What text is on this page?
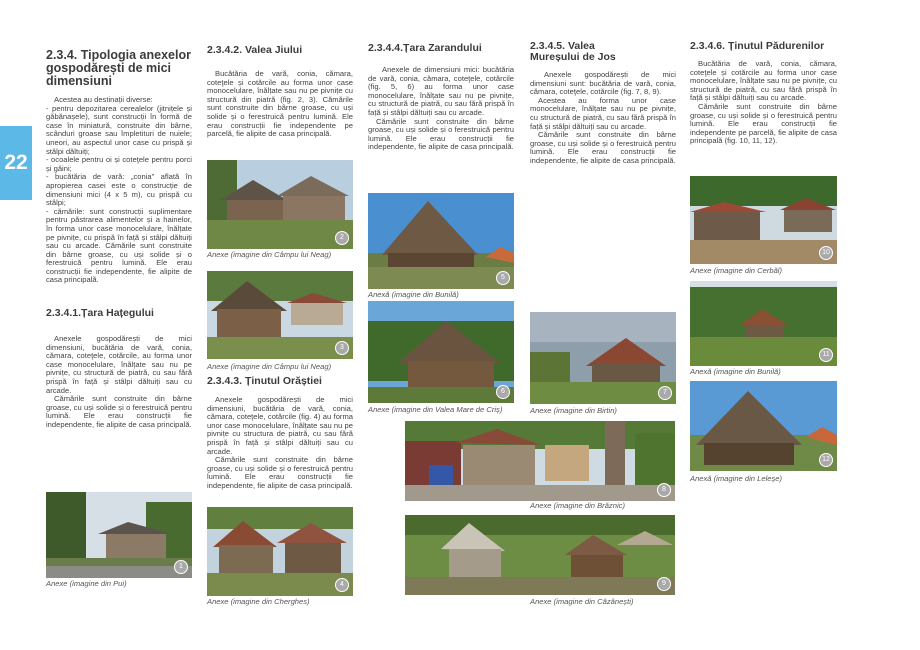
22
2.3.4. Tipologia anexelor gospodărești de mici dimensiuni

Acestea au destinații diverse:

- pentru depozitarea cerealelor (jitnițele și găbănașele), sunt construcții în formă de case în miniatură, construite din bârne, scânduri groase sau împletituri de nuiele; uneori, au aspectul unor case cu prispă și stâlpi dăltuiți;

- ocoalele pentru oi și coteţele pentru porci și găini;

- bucătăria de vară: „conia” aflată în apropierea casei este o construcție de dimensiuni mici (4 x 5 m), cu prispă cu stâlpi;

- cămările: sunt construcții suplimentare pentru păstrarea alimentelor și a hainelor, în forma unor case monocelulare, înălțate pe pivnițe, cu prispă în față și stâlpi dăltuiți sau cu arcade. Cămările sunt construite din bârne groase, cu uși solide și o ferestruică pentru lumină. Ele erau construcții fie independente, fie alipite de casa principală.

2.3.4.1.Țara Hațegului

Anexele gospodărești de mici dimensiuni, bucătăria de vară, conia, cămara, coteţele, cotărcile, au forma unor case monocelulare, înălțate sau nu pe pivnițe, cu structură de piatră, cu sau fără prispă în față și stâlpi dăltuiți sau cu arcade.

Cămările sunt construite din bârne groase, cu uși solide și o ferestruică pentru lumină. Ele erau construcții fie independente, fie alipite de casa principală.

1
Anexe (imagine din Pui)
2.3.4.2. Valea Jiului

Bucătăria de vară, conia, cămara, coteţele și cotărcile au forma unor case monocelulare, înălțate sau nu pe pivnițe cu structură din piatră (fig. 2, 3). Cămările sunt construite din bârne groase, cu uși solide și o ferestruică pentru lumină. Ele erau construcții fie independente pe parcelă, fie alipite de casa principală.

2
Anexe (imagine din Câmpu lui Neag)
3
Anexe (imagine din Câmpu lui Neag)
2.3.4.3. Ținutul Orăștiei

Anexele gospodărești de mici dimensiuni, bucătăria de vară, conia, cămara, coteţele, cotărcile (fig. 4) au forma unor case monocelulare, înălțate sau nu pe pivnițe cu structura de piatră, cu sau fără prispă în față și stâlpi dăltuiți sau cu arcade.

Cămările sunt construite din bârne groase, cu uși solide și o ferestruică pentru lumină. Ele erau construcții fie independente, fie alipite de casa principală.

4
Anexe (imagine din Cherghes)
2.3.4.4.Țara Zarandului

Anexele de dimensiuni mici: bucătăria de vară, conia, cămara, coteţele, cotărcile (fig. 5, 6) au forma unor case monocelulare, înălțate sau nu pe pivnițe, cu structură de piatră, cu sau fără prispă în față și stâlpi dăltuiți sau cu arcade.

Cămările sunt construite din bârne groase, cu uși solide și o ferestruică pentru lumină. Ele erau construcții fie independente, fie alipite de casa principală.

5
Anexă (imagine din Bunilă)
6
Anexe (imagine din Valea Mare de Criș)
8
Anexe (imagine din Brăznic)
9
Anexe (imagine din Căzănești)
2.3.4.5. Valea Mureșului de Jos

Anexele gospodărești de mici dimensiuni sunt: bucătăria de vară, conia, cămara, coteţele, cotărcile (fig. 7, 8, 9).

Acestea au forma unor case monocelulare, înălțate sau nu pe pivnițe, cu structură de piatră, cu sau fără prispă în față și stâlpi dăltuiți sau cu arcade.

Cămările sunt construite din bârne groase, cu uși solide și o ferestruică pentru lumină. Ele erau construcții fie independente, fie alipite de casa principală.

7
Anexe (imagine din Birtin)
2.3.4.6. Ținutul Pădurenilor

Bucătăria de vară, conia, cămara, coteţele și cotărcile au forma unor case monocelulare, înălțate sau nu pe pivnițe, cu structură de piatră, cu sau fără prispă în față și stâlpi dăltuiți sau cu arcade.

Cămările sunt construite din bârne groase, cu uși solide și o ferestruică pentru lumină. Ele erau construcții fie independente pe parcelă, fie alipite de casa principală (fig. 10, 11, 12).

10
Anexe (imagine din Cerbăl)
11
Anexă (imagine din Bunilă)
12
Anexă (imagine din Leleșe)
